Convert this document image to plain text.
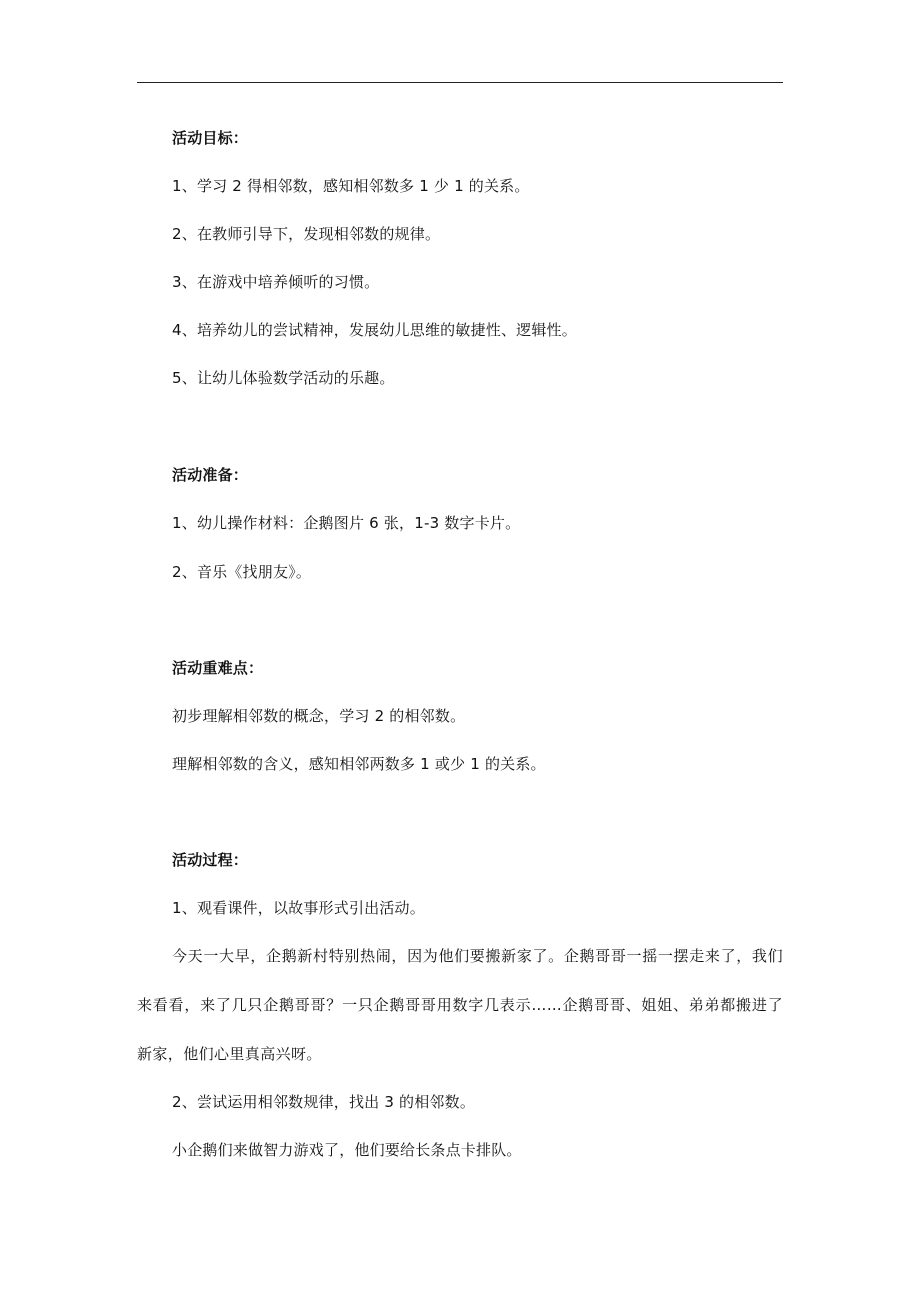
活动目标：
1、学习 2 得相邻数，感知相邻数多 1 少 1 的关系。
2、在教师引导下，发现相邻数的规律。
3、在游戏中培养倾听的习惯。
4、培养幼儿的尝试精神，发展幼儿思维的敏捷性、逻辑性。
5、让幼儿体验数学活动的乐趣。
活动准备：
1、幼儿操作材料：企鹅图片 6 张，1-3 数字卡片。
2、音乐《找朋友》。
活动重难点：
初步理解相邻数的概念，学习 2 的相邻数。
理解相邻数的含义，感知相邻两数多 1 或少 1 的关系。
活动过程：
1、观看课件，以故事形式引出活动。
今天一大早，企鹅新村特别热闹，因为他们要搬新家了。企鹅哥哥一摇一摆走来了，我们来看看，来了几只企鹅哥哥？一只企鹅哥哥用数字几表示……企鹅哥哥、姐姐、弟弟都搬进了新家，他们心里真高兴呀。
2、尝试运用相邻数规律，找出 3 的相邻数。
小企鹅们来做智力游戏了，他们要给长条点卡排队。
